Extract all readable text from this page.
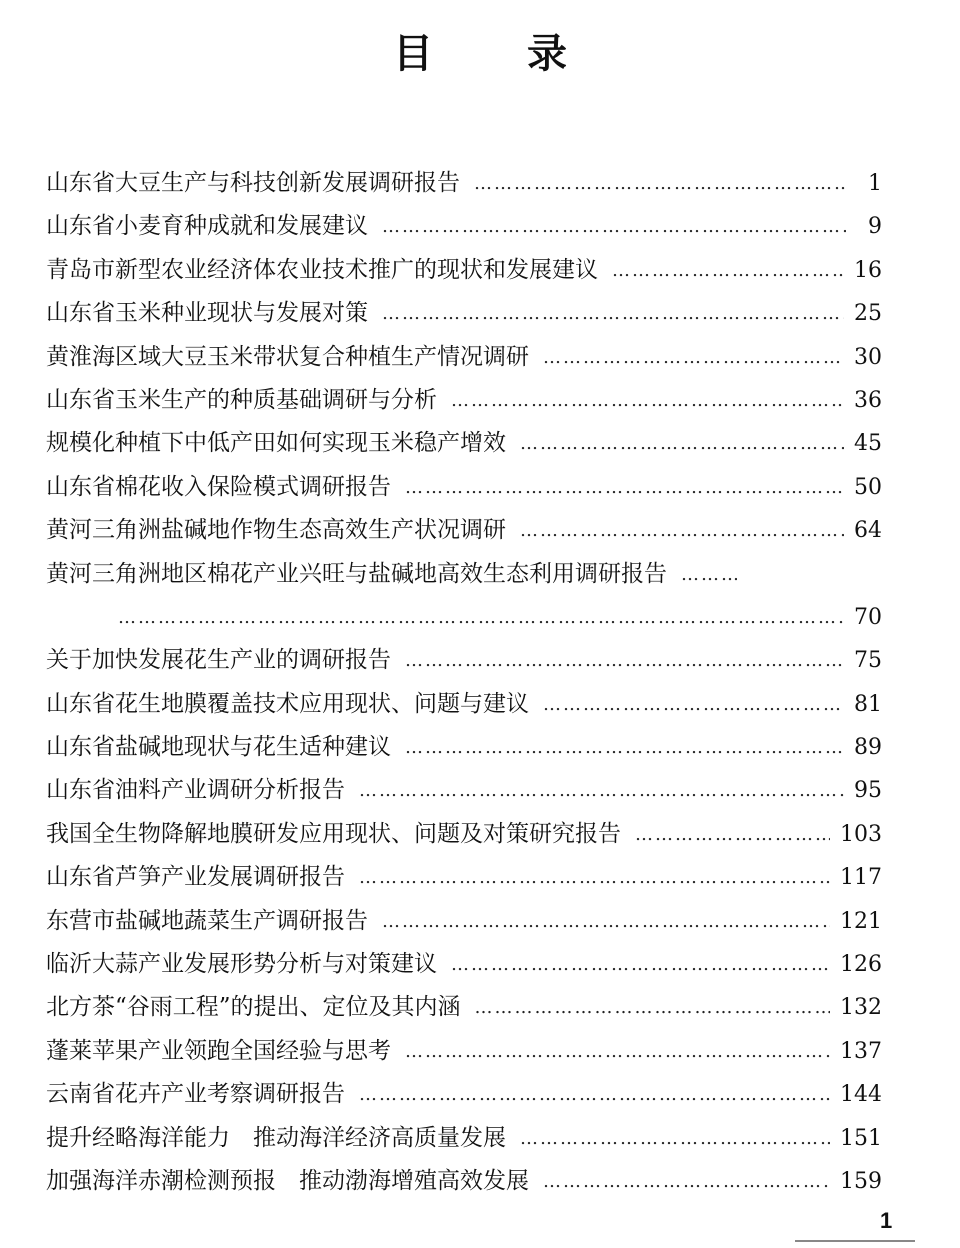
目 录
山东省大豆生产与科技创新发展调研报告 …………………………………………………………………………………………………………………………………………	1
山东省小麦育种成就和发展建议 …………………………………………………………………………………………………………………………………………	9
青岛市新型农业经济体农业技术推广的现状和发展建议 …………………………………………………………………………………………………………………………………………	16
山东省玉米种业现状与发展对策 …………………………………………………………………………………………………………………………………………	25
黄淮海区域大豆玉米带状复合种植生产情况调研 …………………………………………………………………………………………………………………………………………	30
山东省玉米生产的种质基础调研与分析 …………………………………………………………………………………………………………………………………………	36
规模化种植下中低产田如何实现玉米稳产增效 …………………………………………………………………………………………………………………………………………	45
山东省棉花收入保险模式调研报告 …………………………………………………………………………………………………………………………………………	50
黄河三角洲盐碱地作物生态高效生产状况调研 …………………………………………………………………………………………………………………………………………	64
黄河三角洲地区棉花产业兴旺与盐碱地高效生态利用调研报告
…………………………………………………………………………………………………………………………………………
…………………………………………………………………………………………………………………………………………
70
关于加快发展花生产业的调研报告 …………………………………………………………………………………………………………………………………………	75
山东省花生地膜覆盖技术应用现状、问题与建议 …………………………………………………………………………………………………………………………………………	81
山东省盐碱地现状与花生适种建议 …………………………………………………………………………………………………………………………………………	89
山东省油料产业调研分析报告 …………………………………………………………………………………………………………………………………………	95
我国全生物降解地膜研发应用现状、问题及对策研究报告 …………………………………………………………………………………………………………………………………………	103
山东省芦笋产业发展调研报告 …………………………………………………………………………………………………………………………………………	117
东营市盐碱地蔬菜生产调研报告 …………………………………………………………………………………………………………………………………………	121
临沂大蒜产业发展形势分析与对策建议 …………………………………………………………………………………………………………………………………………	126
北方茶“谷雨工程”的提出、定位及其内涵 …………………………………………………………………………………………………………………………………………	132
蓬莱苹果产业领跑全国经验与思考 …………………………………………………………………………………………………………………………………………	137
云南省花卉产业考察调研报告 …………………………………………………………………………………………………………………………………………	144
提升经略海洋能力　推动海洋经济高质量发展 …………………………………………………………………………………………………………………………………………	151
加强海洋赤潮检测预报　推动渤海增殖高效发展 …………………………………………………………………………………………………………………………………………	159
1
